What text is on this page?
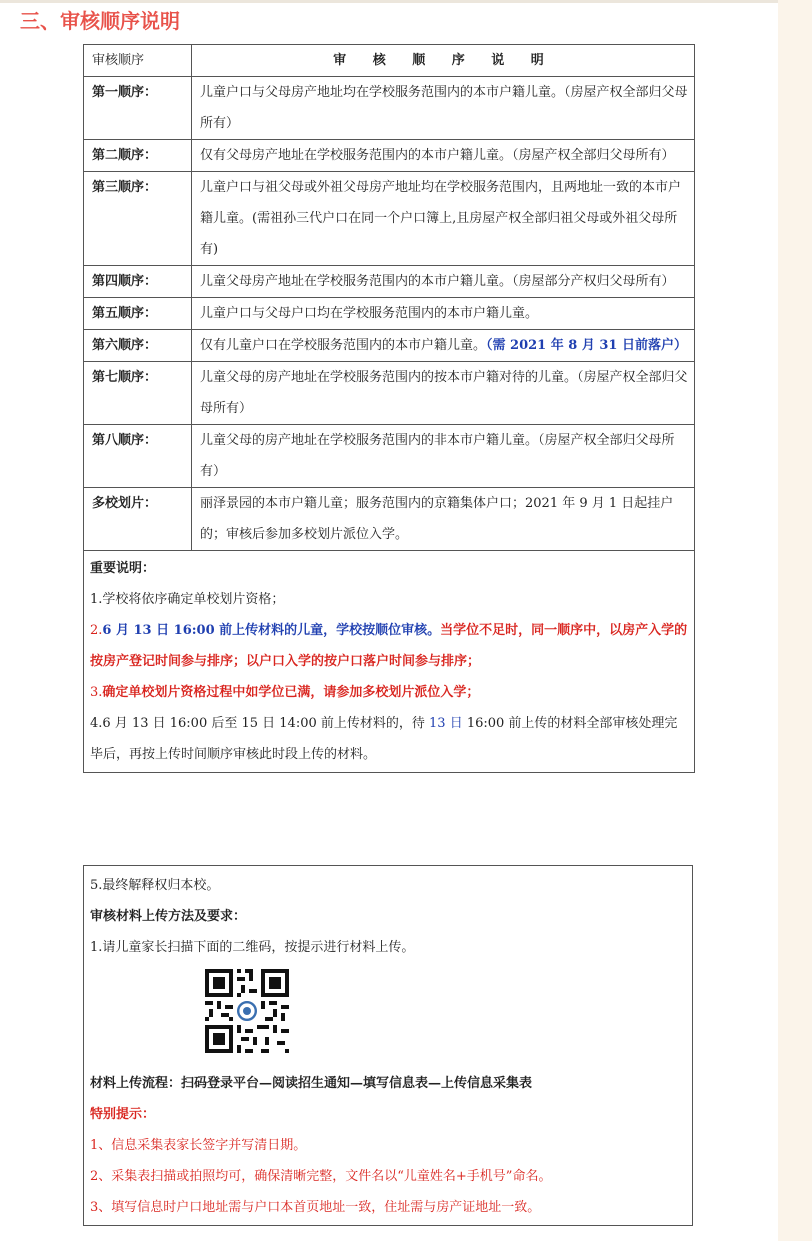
三、审核顺序说明
审核顺序	审 核 顺 序 说 明
第一顺序：	儿童户口与父母房产地址均在学校服务范围内的本市户籍儿童。（房屋产权全部归父母所有）
第二顺序：	仅有父母房产地址在学校服务范围内的本市户籍儿童。（房屋产权全部归父母所有）
第三顺序：	儿童户口与祖父母或外祖父母房产地址均在学校服务范围内，且两地址一致的本市户籍儿童。(需祖孙三代户口在同一个户口簿上,且房屋产权全部归祖父母或外祖父母所有)
第四顺序：	儿童父母房产地址在学校服务范围内的本市户籍儿童。（房屋部分产权归父母所有）
第五顺序：	儿童户口与父母户口均在学校服务范围内的本市户籍儿童。
第六顺序：	仅有儿童户口在学校服务范围内的本市户籍儿童。（需 2021 年 8 月 31 日前落户）
第七顺序：	儿童父母的房产地址在学校服务范围内的按本市户籍对待的儿童。（房屋产权全部归父母所有）
第八顺序：	儿童父母的房产地址在学校服务范围内的非本市户籍儿童。（房屋产权全部归父母所有）
多校划片：	丽泽景园的本市户籍儿童；服务范围内的京籍集体户口；2021 年 9 月 1 日起挂户的；审核后参加多校划片派位入学。

重要说明：
1.学校将依序确定单校划片资格；
2.6 月 13 日 16:00 前上传材料的儿童，学校按顺位审核。当学位不足时，同一顺序中，以房产入学的按房产登记时间参与排序；以户口入学的按户口落户时间参与排序；
3.确定单校划片资格过程中如学位已满，请参加多校划片派位入学；
4.6 月 13 日 16:00 后至 15 日 14:00 前上传材料的，待 13 日 16:00 前上传的材料全部审核处理完毕后，再按上传时间顺序审核此时段上传的材料。	
5.最终解释权归本校。
审核材料上传方法及要求：
1.请儿童家长扫描下面的二维码，按提示进行材料上传。
材料上传流程：扫码登录平台—阅读招生通知—填写信息表—上传信息采集表
特别提示：
1、信息采集表家长签字并写清日期。
2、采集表扫描或拍照均可，确保清晰完整，文件名以“儿童姓名+手机号”命名。
3、填写信息时户口地址需与户口本首页地址一致，住址需与房产证地址一致。
